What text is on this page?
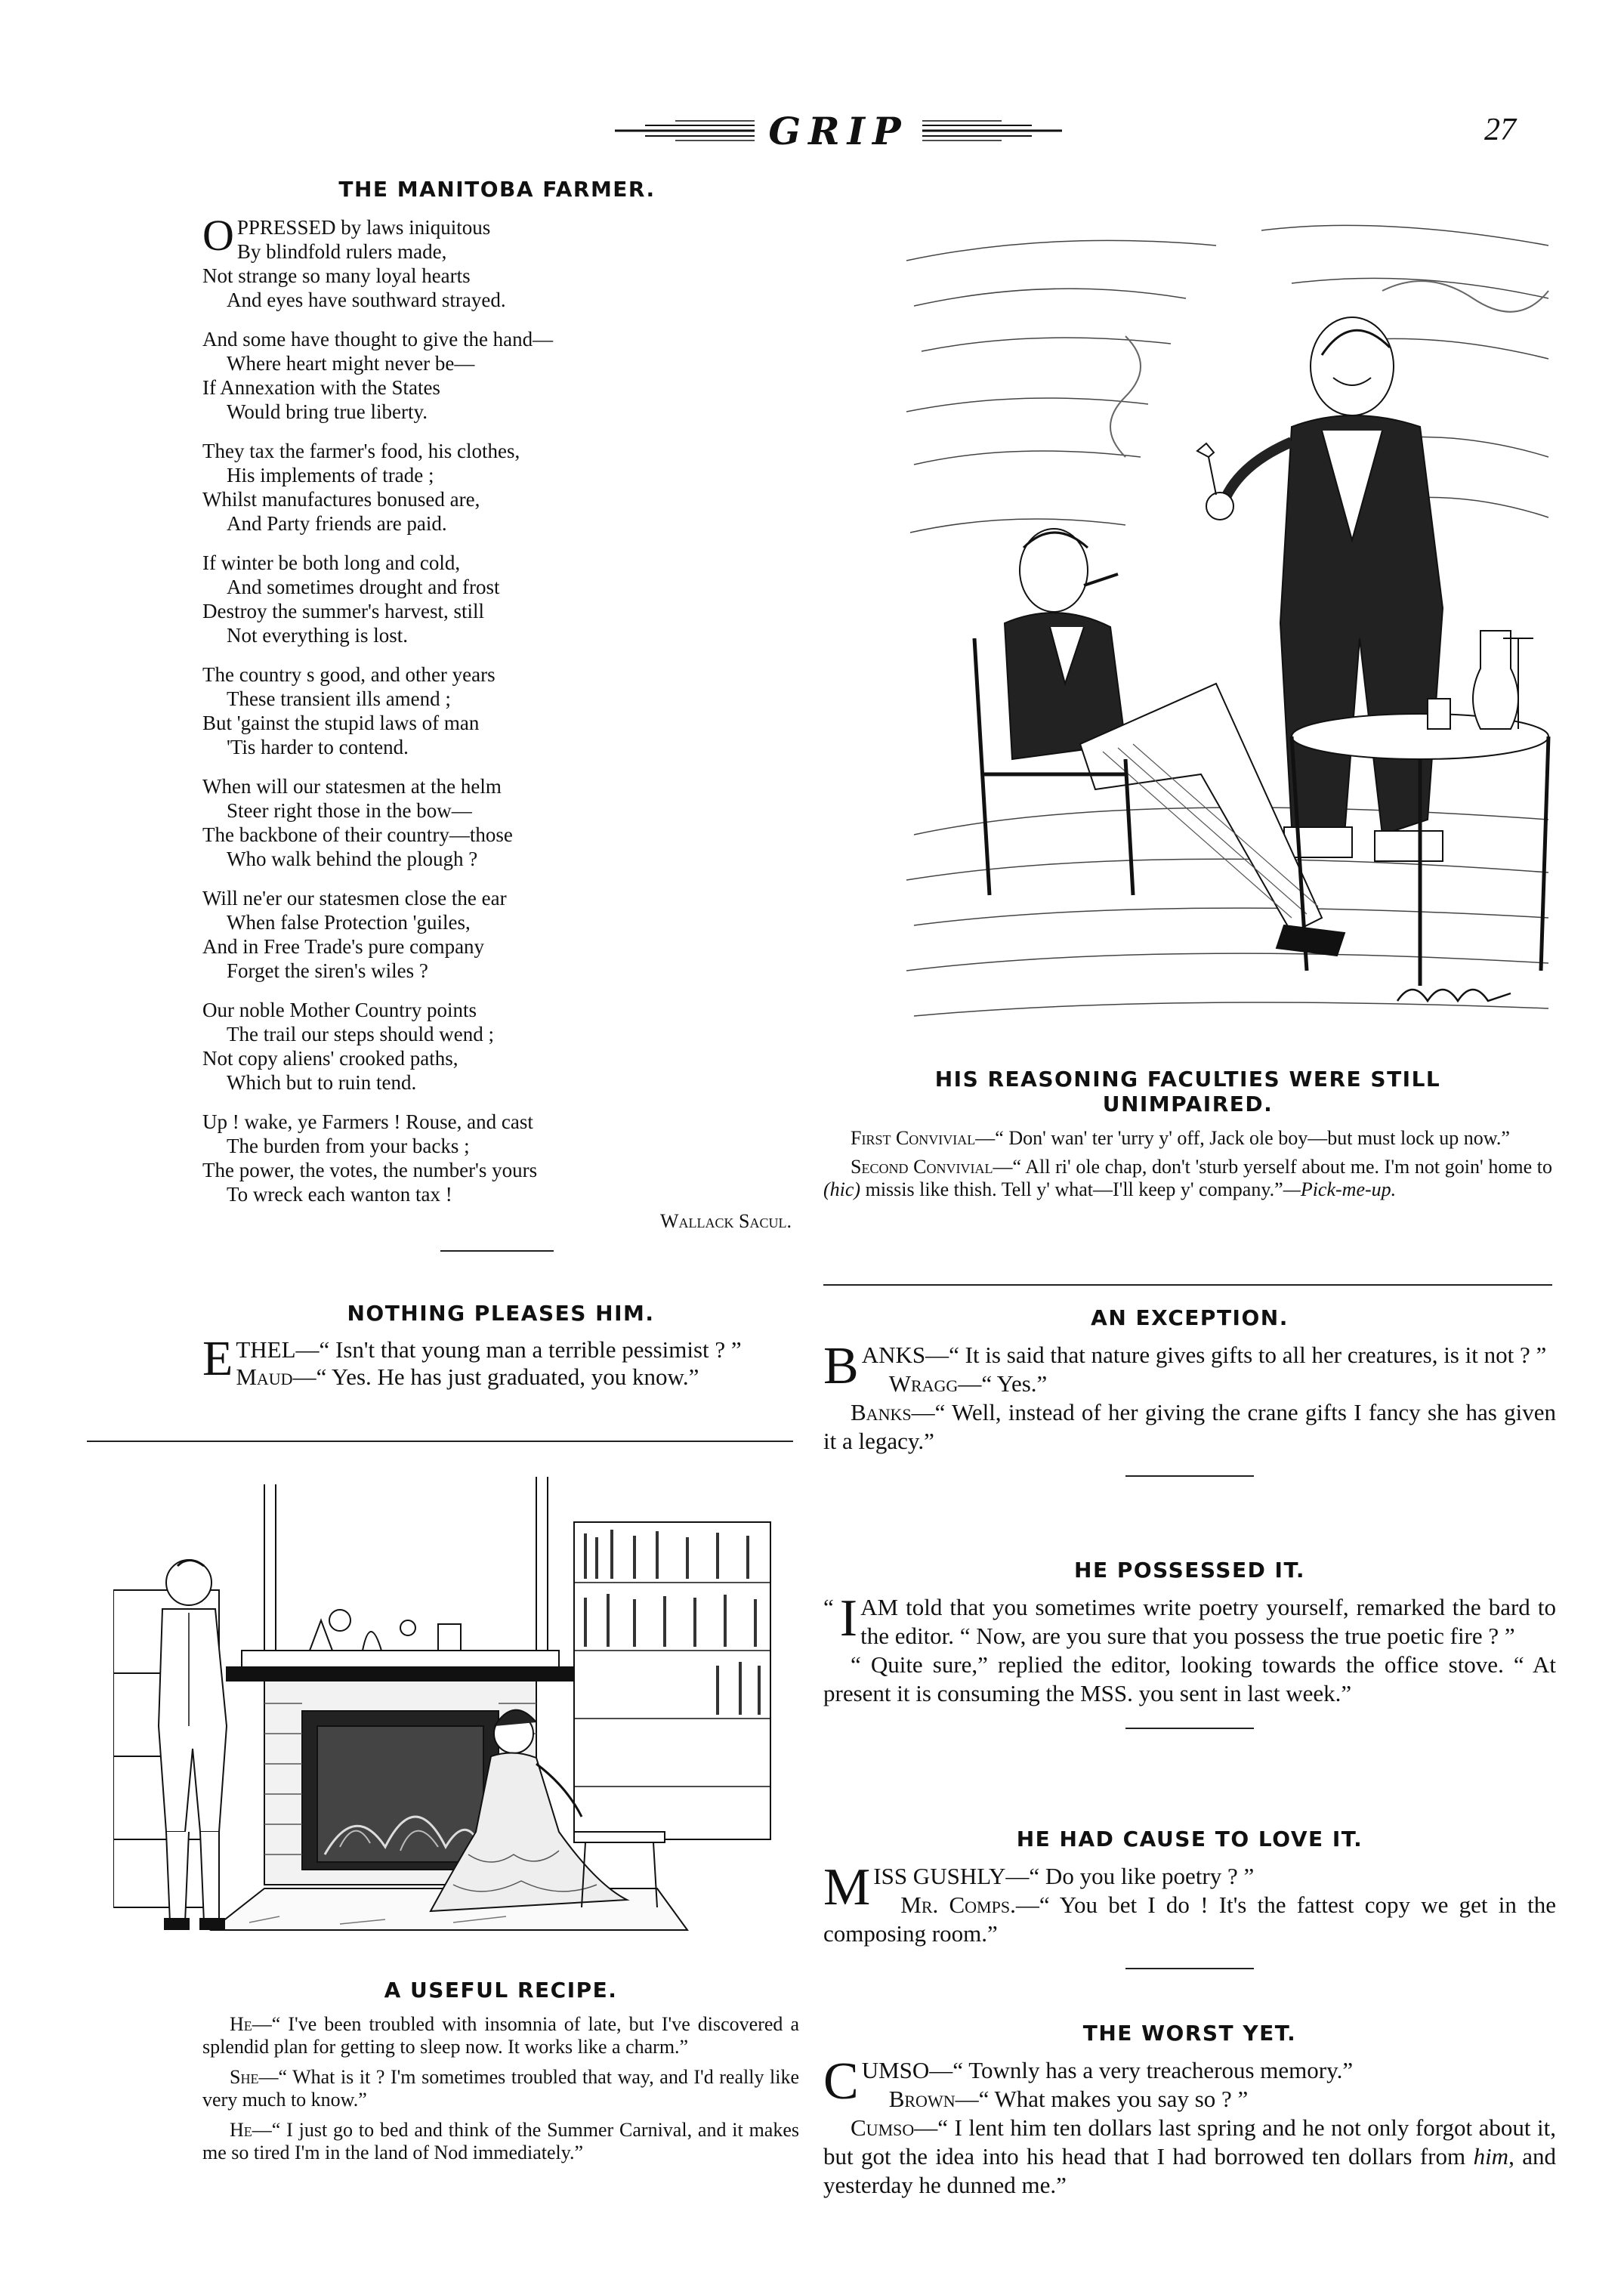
GRIP	27
THE MANITOBA FARMER.
O PPRESSED by laws iniquitous
By blindfold rulers made,
Not strange so many loyal hearts
And eyes have southward strayed.
And some have thought to give the hand—
Where heart might never be—
If Annexation with the States
Would bring true liberty.
They tax the farmer's food, his clothes,
His implements of trade ;
Whilst manufactures bonused are,
And Party friends are paid.
If winter be both long and cold,
And sometimes drought and frost
Destroy the summer's harvest, still
Not everything is lost.
The country s good, and other years
These transient ills amend ;
But 'gainst the stupid laws of man
'Tis harder to contend.
When will our statesmen at the helm
Steer right those in the bow—
The backbone of their country—those
Who walk behind the plough ?
Will ne'er our statesmen close the ear
When false Protection 'guiles,
And in Free Trade's pure company
Forget the siren's wiles ?
Our noble Mother Country points
The trail our steps should wend ;
Not copy aliens' crooked paths,
Which but to ruin tend.
Up ! wake, ye Farmers ! Rouse, and cast
The burden from your backs ;
The power, the votes, the number's yours
To wreck each wanton tax !
Wallack Sacul.
NOTHING PLEASES HIM.
E THEL—“ Isn't that young man a terrible pessimist ? ”

Maud—“ Yes. He has just graduated, you know.”

A USEFUL RECIPE.

He—“ I've been troubled with insomnia of late, but I've discovered a splendid plan for getting to sleep now. It works like a charm.”

She—“ What is it ? I'm sometimes troubled that way, and I'd really like very much to know.”

He—“ I just go to bed and think of the Summer Carnival, and it makes me so tired I'm in the land of Nod immediately.”

HIS REASONING FACULTIES WERE STILL
UNIMPAIRED.

First Convivial—“ Don' wan' ter 'urry y' off, Jack ole boy—but must lock up now.”

Second Convivial—“ All ri' ole chap, don't 'sturb yerself about me. I'm not goin' home to (hic) missis like thish. Tell y' what—I'll keep y' company.”—Pick-me-up.

AN EXCEPTION.
B ANKS—“ It is said that nature gives gifts to all her creatures, is it not ? ”

Wragg—“ Yes.”

Banks—“ Well, instead of her giving the crane gifts I fancy she has given it a legacy.”

HE POSSESSED IT.
“ I AM told that you sometimes write poetry yourself, remarked the bard to the editor. “ Now, are you sure that you possess the true poetic fire ? ”

“ Quite sure,” replied the editor, looking towards the office stove. “ At present it is consuming the MSS. you sent in last week.”

HE HAD CAUSE TO LOVE IT.
M ISS GUSHLY—“ Do you like poetry ? ”

Mr. Comps.—“ You bet I do ! It's the fattest copy we get in the composing room.”

THE WORST YET.
C UMSO—“ Townly has a very treacherous memory.”

Brown—“ What makes you say so ? ”

Cumso—“ I lent him ten dollars last spring and he not only forgot about it, but got the idea into his head that I had borrowed ten dollars from him, and yesterday he dunned me.”
